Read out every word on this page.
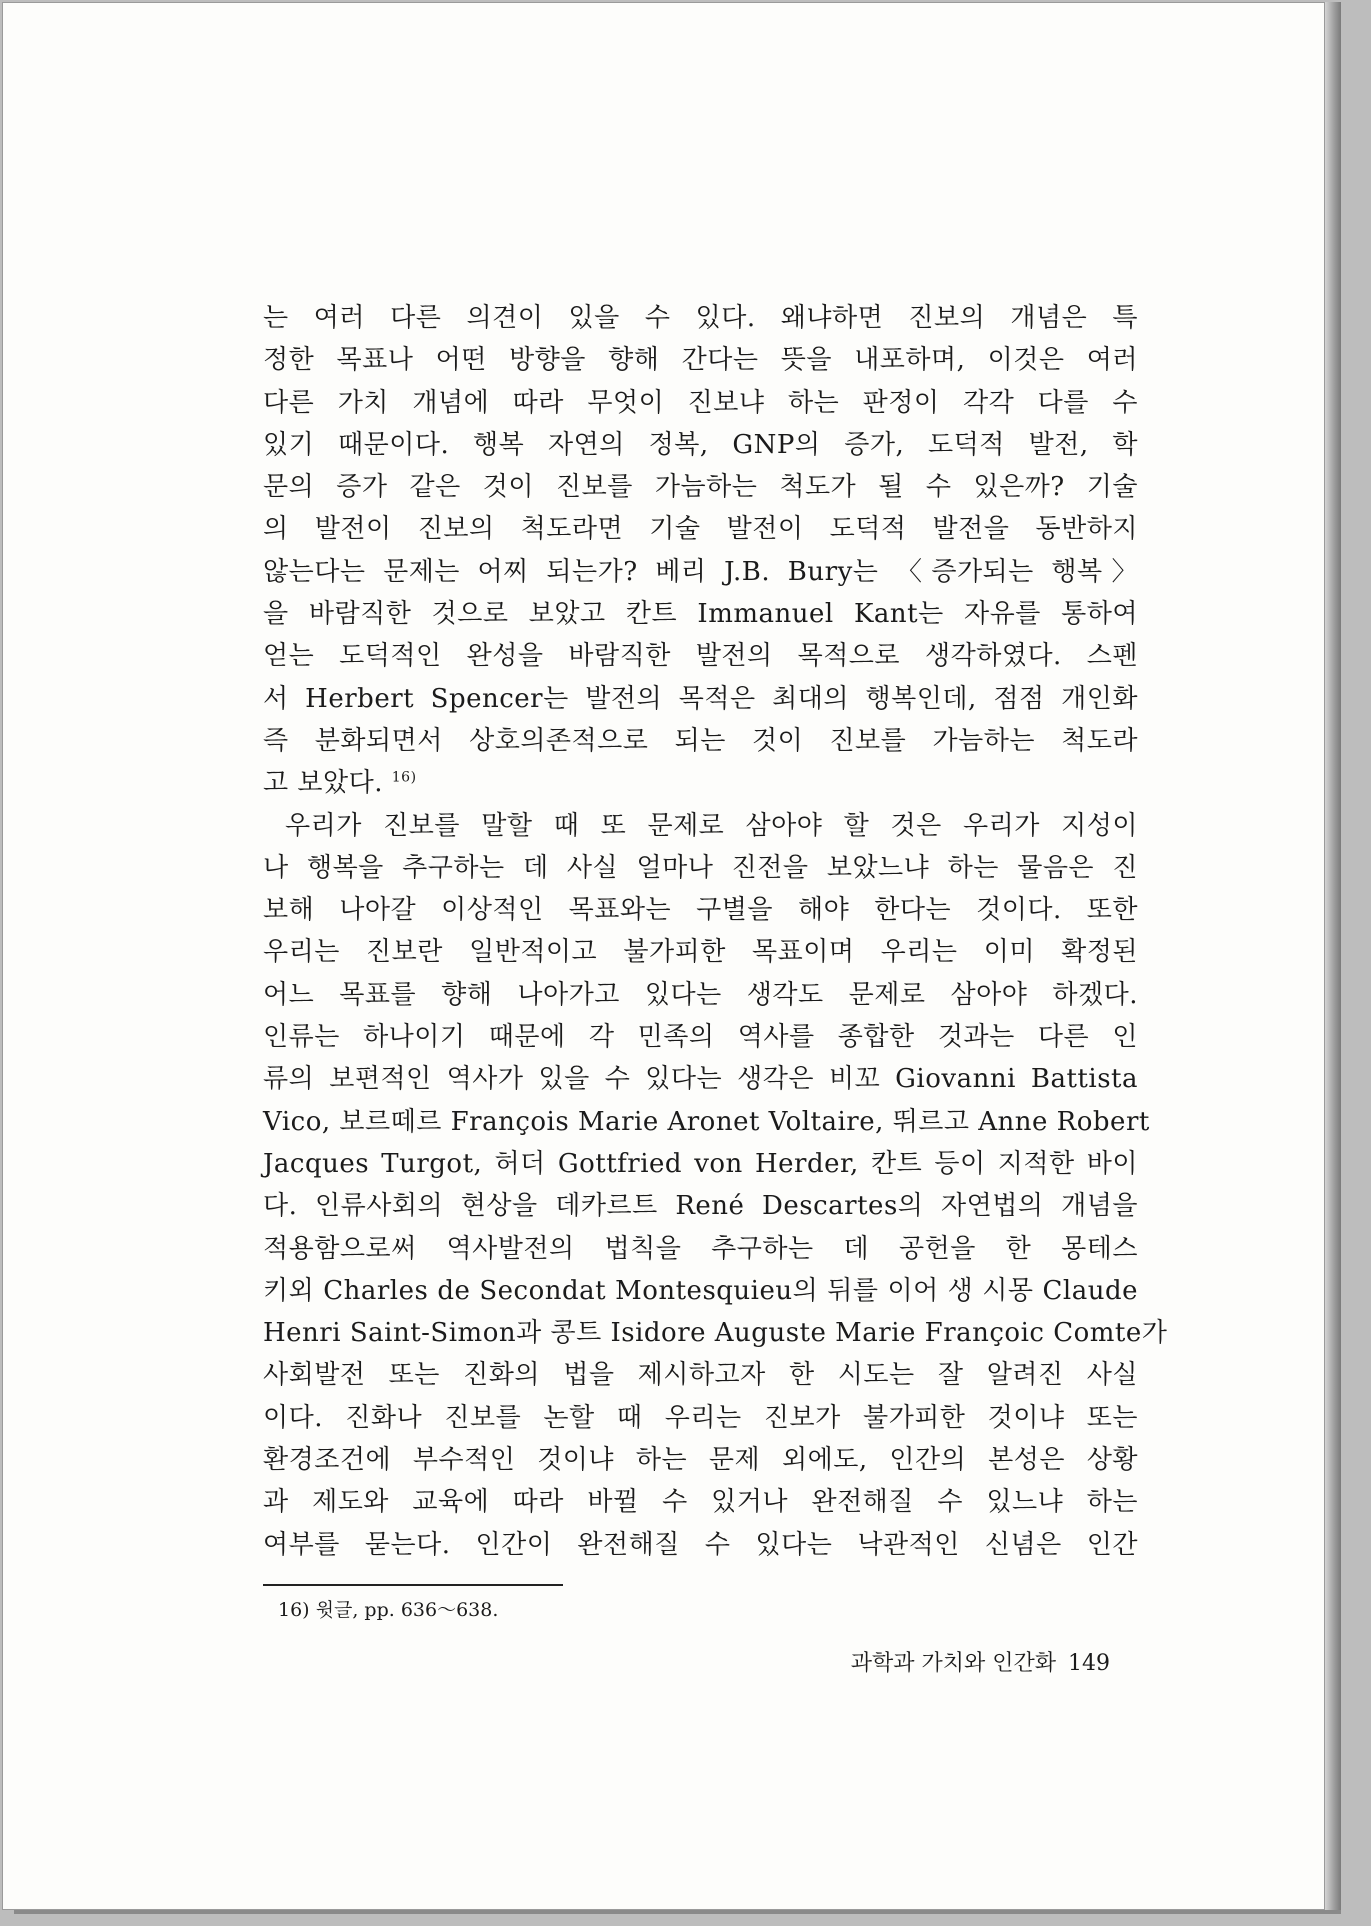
는 여러 다른 의견이 있을 수 있다. 왜냐하면 진보의 개념은 특
정한 목표나 어떤 방향을 향해 간다는 뜻을 내포하며, 이것은 여러
다른 가치 개념에 따라 무엇이 진보냐 하는 판정이 각각 다를 수
있기 때문이다. 행복 자연의 정복, GNP의 증가, 도덕적 발전, 학
문의 증가 같은 것이 진보를 가늠하는 척도가 될 수 있은까? 기술
의 발전이 진보의 척도라면 기술 발전이 도덕적 발전을 동반하지
않는다는 문제는 어찌 되는가? 베리 J.B. Bury는 〈증가되는 행복〉
을 바람직한 것으로 보았고 칸트 Immanuel Kant는 자유를 통하여
얻는 도덕적인 완성을 바람직한 발전의 목적으로 생각하였다. 스펜
서 Herbert Spencer는 발전의 목적은 최대의 행복인데, 점점 개인화
즉 분화되면서 상호의존적으로 되는 것이 진보를 가늠하는 척도라
고 보았다. $^{16)}$
우리가 진보를 말할 때 또 문제로 삼아야 할 것은 우리가 지성이
나 행복을 추구하는 데 사실 얼마나 진전을 보았느냐 하는 물음은 진
보해 나아갈 이상적인 목표와는 구별을 해야 한다는 것이다. 또한
우리는 진보란 일반적이고 불가피한 목표이며 우리는 이미 확정된
어느 목표를 향해 나아가고 있다는 생각도 문제로 삼아야 하겠다.
인류는 하나이기 때문에 각 민족의 역사를 종합한 것과는 다른 인
류의 보편적인 역사가 있을 수 있다는 생각은 비꼬 Giovanni Battista
Vico, 보르떼르 François Marie Aronet Voltaire, 뛰르고 Anne Robert
Jacques Turgot, 허더 Gottfried von Herder, 칸트 등이 지적한 바이
다. 인류사회의 현상을 데카르트 René Descartes의 자연법의 개념을
적용함으로써 역사발전의 법칙을 추구하는 데 공헌을 한 몽테스
키외 Charles de Secondat Montesquieu의 뒤를 이어 생 시몽 Claude
Henri Saint-Simon과 콩트 Isidore Auguste Marie Françoic Comte가
사회발전 또는 진화의 법을 제시하고자 한 시도는 잘 알려진 사실
이다. 진화나 진보를 논할 때 우리는 진보가 불가피한 것이냐 또는
환경조건에 부수적인 것이냐 하는 문제 외에도, 인간의 본성은 상황
과 제도와 교육에 따라 바뀔 수 있거나 완전해질 수 있느냐 하는
여부를 묻는다. 인간이 완전해질 수 있다는 낙관적인 신념은 인간
16) 윗글, pp. 636～638.
과학과 가치와 인간화 149
